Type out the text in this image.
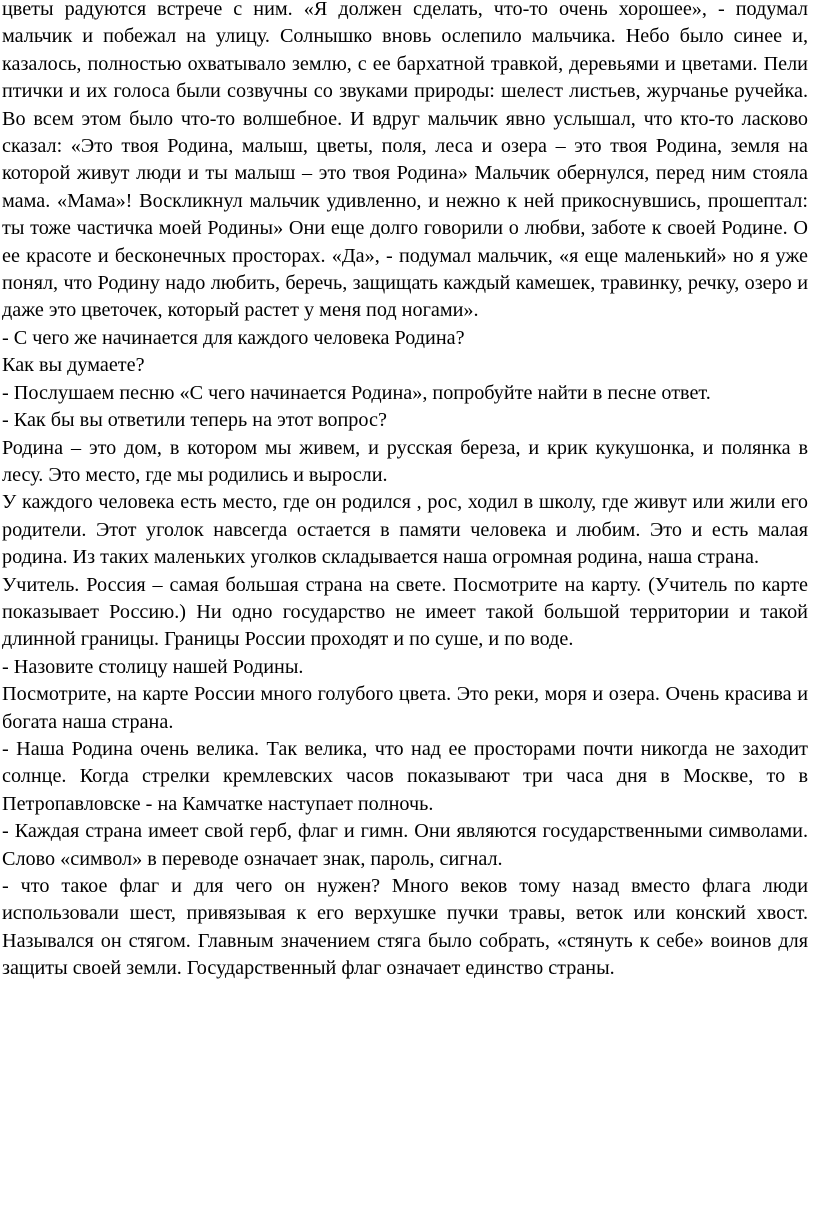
цветы радуются встрече с ним. «Я должен сделать, что-то очень хорошее», - подумал мальчик и побежал на улицу. Солнышко вновь ослепило мальчика. Небо было синее и, казалось, полностью охватывало землю, с ее бархатной травкой, деревьями и цветами. Пели птички и их голоса были созвучны со звуками природы: шелест листьев, журчанье ручейка. Во всем этом было что-то волшебное. И вдруг мальчик явно услышал, что кто-то ласково сказал: «Это твоя Родина, малыш, цветы, поля, леса и озера – это твоя Родина, земля на которой живут люди и ты малыш – это твоя Родина» Мальчик обернулся, перед ним стояла мама. «Мама»! Воскликнул мальчик удивленно, и нежно к ней прикоснувшись, прошептал: ты тоже частичка моей Родины» Они еще долго говорили о любви, заботе к своей Родине. О ее красоте и бесконечных просторах. «Да», - подумал мальчик, «я еще маленький» но я уже понял, что Родину надо любить, беречь, защищать каждый камешек, травинку, речку, озеро и даже это цветочек, который растет у меня под ногами».

- С чего же начинается для каждого человека Родина?

Как вы думаете?

- Послушаем песню «С чего начинается Родина», попробуйте найти в песне ответ.

- Как бы вы ответили теперь на этот вопрос?

Родина – это дом, в котором мы живем, и русская береза, и крик кукушонка, и полянка в лесу. Это место, где мы родились и выросли.

У каждого человека есть место, где он родился , рос, ходил в школу, где живут или жили его родители. Этот уголок навсегда остается в памяти человека и любим. Это и есть малая родина. Из таких маленьких уголков складывается наша огромная родина, наша страна.

Учитель. Россия – самая большая страна на свете. Посмотрите на карту. (Учитель по карте показывает Россию.) Ни одно государство не имеет такой большой территории и такой длинной границы. Границы России проходят и по суше, и по воде.

- Назовите столицу нашей Родины.

Посмотрите, на карте России много голубого цвета. Это реки, моря и озера. Очень красива и богата наша страна.

- Наша Родина очень велика. Так велика, что над ее просторами почти никогда не заходит солнце. Когда стрелки кремлевских часов показывают три часа дня в Москве, то в Петропавловске - на Камчатке наступает полночь.

- Каждая страна имеет свой герб, флаг и гимн. Они являются государственными символами. Слово «символ» в переводе означает знак, пароль, сигнал.

- что такое флаг и для чего он нужен? Много веков тому назад вместо флага люди использовали шест, привязывая к его верхушке пучки травы, веток или конский хвост. Назывался он стягом. Главным значением стяга было собрать, «стянуть к себе» воинов для защиты своей земли. Государственный флаг означает единство страны.
